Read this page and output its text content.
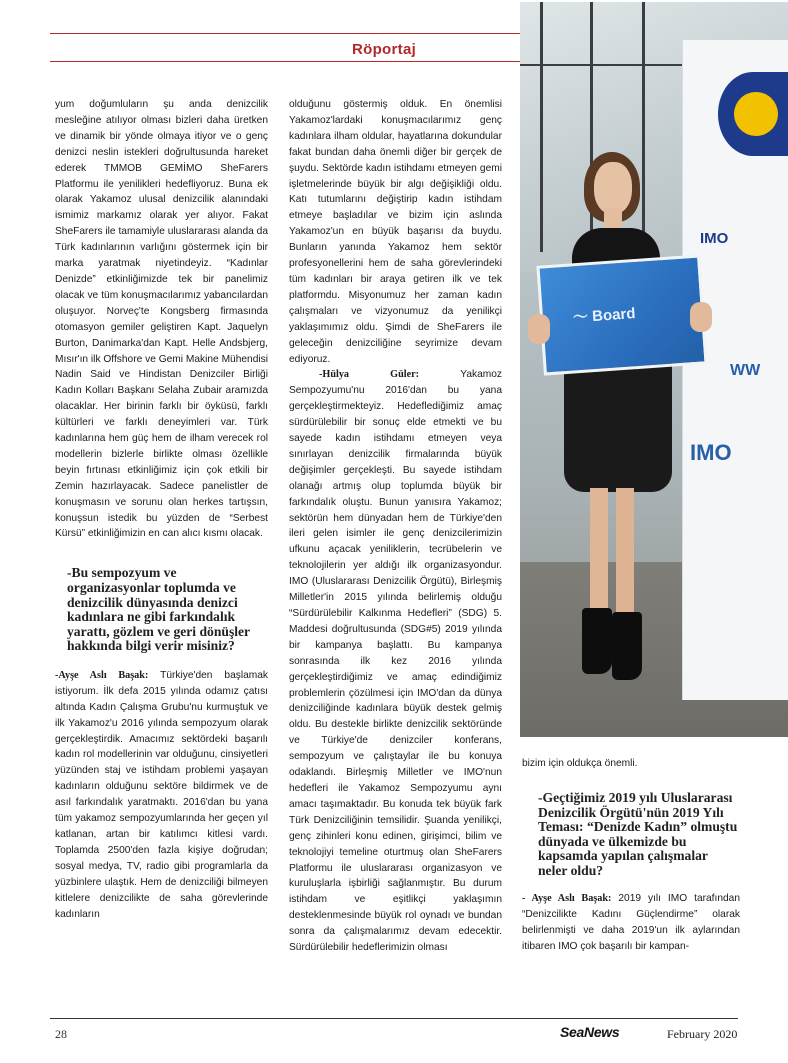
Röportaj

yum doğumluların şu anda denizcilik mesleğine atılıyor olması bizleri daha üretken ve dinamik bir yönde olmaya itiyor ve o genç denizci neslin istekleri doğrultusunda hareket ederek TMMOB GEMİMO SheFarers Platformu ile yenilikleri hedefliyoruz. Buna ek olarak Yakamoz ulusal denizcilik alanındaki ismimiz markamız olarak yer alıyor. Fakat SheFarers ile tamamiyle uluslararası alanda da Türk kadınlarının varlığını göstermek için bir marka yaratmak niyetindeyiz. “Kadınlar Denizde” etkinliğimizde tek bir panelimiz olacak ve tüm konuşmacılarımız yabancılardan oluşuyor. Norveç'te Kongsberg firmasında otomasyon gemiler geliştiren Kapt. Jaquelyn Burton, Danimarka'dan Kapt. Helle Andsbjerg, Mısır'ın ilk Offshore ve Gemi Makine Mühendisi Nadin Said ve Hindistan Denizciler Birliği Kadın Kolları Başkanı Selaha Zubair aramızda olacaklar. Her birinin farklı bir öyküsü, farklı kültürleri ve farklı deneyimleri var. Türk kadınlarına hem güç hem de ilham verecek rol modellerin bizlerle birlikte olması özellikle beyin fırtınası etkinliğimiz için çok etkili bir Zemin hazırlayacak. Sadece panelistler de konuşmasın ve sorunu olan herkes tartışsın, konuşsun istedik bu yüzden de “Serbest Kürsü” etkinliğimizin en can alıcı kısmı olacak.

-Bu sempozyum ve organizasyonlar toplumda ve denizcilik dünyasında denizci kadınlara ne gibi farkındalık yarattı, gözlem ve geri dönüşler hakkında bilgi verir misiniz?

-Ayşe Aslı Başak: Türkiye'den başlamak istiyorum. İlk defa 2015 yılında odamız çatısı altında Kadın Çalışma Grubu'nu kurmuştuk ve ilk Yakamoz'u 2016 yılında sempozyum olarak gerçekleştirdik. Amacımız sektördeki başarılı kadın rol modellerinin var olduğunu, cinsiyetleri yüzünden staj ve istihdam problemi yaşayan kadınların olduğunu sektöre bildirmek ve de asıl farkındalık yaratmaktı. 2016'dan bu yana tüm yakamoz sempozyumlarında her geçen yıl katlanan, artan bir katılımcı kitlesi vardı. Toplamda 2500'den fazla kişiye doğrudan; sosyal medya, TV, radio gibi programlarla da yüzbinlere ulaştık. Hem de denizciliği bilmeyen kitlelere denizcilikte de saha görevlerinde kadınların

olduğunu göstermiş olduk. En önemlisi Yakamoz'lardaki konuşmacılarımız genç kadınlara ilham oldular, hayatlarına dokundular fakat bundan daha önemli diğer bir gerçek de şuydu. Sektörde kadın istihdamı etmeyen gemi işletmelerinde büyük bir algı değişikliği oldu. Katı tutumlarını değiştirip kadın istihdam etmeye başladılar ve bizim için aslında Yakamoz'un en büyük başarısı da buydu. Bunların yanında Yakamoz hem sektör profesyonellerini hem de saha görevlerindeki tüm kadınları bir araya getiren ilk ve tek platformdu. Misyonumuz her zaman kadın çalışmaları ve vizyonumuz da yenilikçi yaklaşımımız oldu. Şimdi de SheFarers ile geleceğin denizciliğine seyrimize devam ediyoruz.

-Hülya Güler: Yakamoz Sempozyumu'nu 2016'dan bu yana gerçekleştirmekteyiz. Hedeflediğimiz amaç sürdürülebilir bir sonuç elde etmekti ve bu sayede kadın istihdamı etmeyen veya sınırlayan denizcilik firmalarında büyük değişimler gerçekleşti. Bu sayede istihdam olanağı artmış olup toplumda büyük bir farkındalık oluştu. Bunun yanısıra Yakamoz; sektörün hem dünyadan hem de Türkiye'den ileri gelen isimler ile genç denizcilerimizin ufkunu açacak yeniliklerin, tecrübelerin ve teknolojilerin yer aldığı ilk organizasyondur. IMO (Uluslararası Denizcilik Örgütü), Birleşmiş Milletler'in 2015 yılında belirlemiş olduğu “Sürdürülebilir Kalkınma Hedefleri” (SDG) 5. Maddesi doğrultusunda (SDG#5) 2019 yılında bir kampanya başlattı. Bu kampanya sonrasında ilk kez 2016 yılında gerçekleştirdiğimiz ve amaç edindiğimiz problemlerin çözülmesi için IMO'dan da dünya denizciliğinde kadınlara büyük destek gelmiş oldu. Bu destekle birlikte denizcilik sektöründe ve Türkiye'de denizciler konferans, sempozyum ve çalıştaylar ile bu konuya odaklandı. Birleşmiş Milletler ve IMO'nun hedefleri ile Yakamoz Sempozyumu aynı amacı taşımaktadır. Bu konuda tek büyük fark Türk Denizciliğinin temsilidir. Şuanda yenilikçi, genç zihinleri konu edinen, girişimci, bilim ve teknolojiyi temeline oturtmuş olan SheFarers Platformu ile uluslararası organizasyon ve kuruluşlarla işbirliği sağlanmıştır. Bu durum istihdam ve eşitlikçi yaklaşımın desteklenmesinde büyük rol oynadı ve bundan sonra da çalışmalarımız devam edecektir. Sürdürülebilir hedeflerimizin olması

IMO
IMO
WW
～ Board

bizim için oldukça önemli.

-Geçtiğimiz 2019 yılı Uluslararası Denizcilik Örgütü'nün 2019 Yılı Teması: “Denizde Kadın” olmuştu dünyada ve ülkemizde bu kapsamda yapılan çalışmalar neler oldu?

- Ayşe Aslı Başak: 2019 yılı IMO tarafından “Denizcilikte Kadını Güçlendirme” olarak belirlenmişti ve daha 2019'un ilk aylarından itibaren IMO çok başarılı bir kampan-

28	SeaNews	February 2020
